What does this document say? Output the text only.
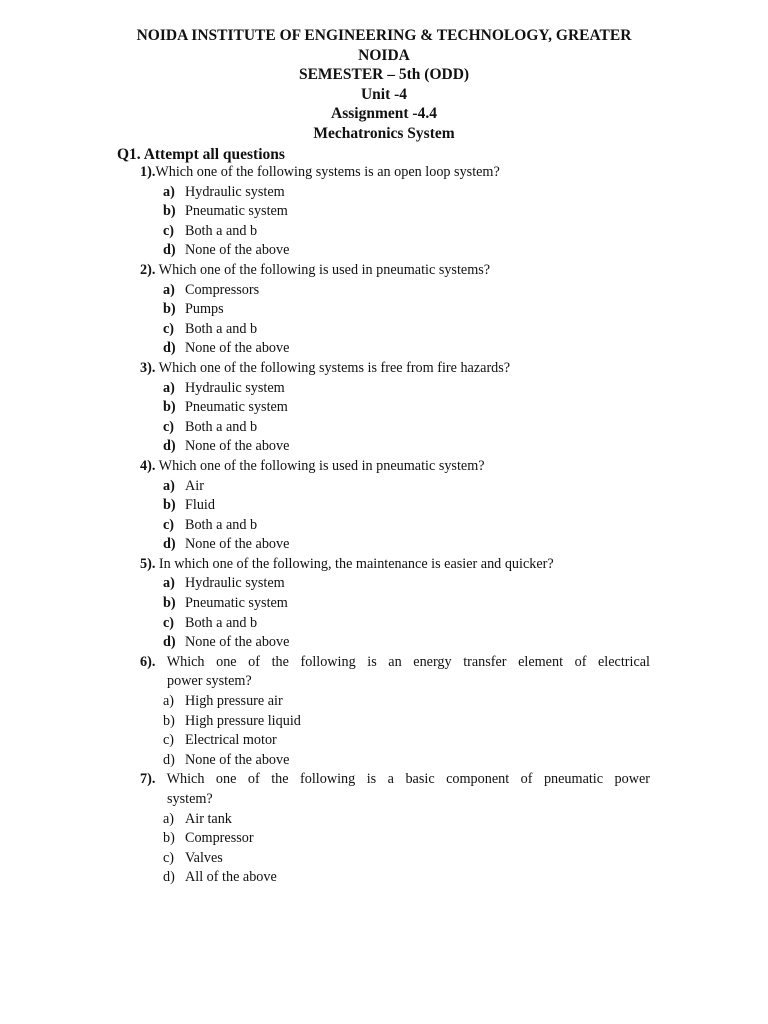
NOIDA INSTITUTE OF ENGINEERING & TECHNOLOGY, GREATER
NOIDA
SEMESTER – 5th (ODD)
Unit -4
Assignment -4.4
Mechatronics System
Q1. Attempt all questions
1).Which one of the following systems is an open loop system?
a) Hydraulic system
b) Pneumatic system
c) Both a and b
d) None of the above
2). Which one of the following is used in pneumatic systems?
a) Compressors
b) Pumps
c) Both a and b
d) None of the above
3). Which one of the following systems is free from fire hazards?
a) Hydraulic system
b) Pneumatic system
c) Both a and b
d) None of the above
4). Which one of the following is used in pneumatic system?
a) Air
b) Fluid
c) Both a and b
d) None of the above
5). In which one of the following, the maintenance is easier and quicker?
a) Hydraulic system
b) Pneumatic system
c) Both a and b
d) None of the above
6). Which one of the following is an energy transfer element of electrical
power system?
a) High pressure air
b) High pressure liquid
c) Electrical motor
d) None of the above
7). Which one of the following is a basic component of pneumatic power
system?
a) Air tank
b) Compressor
c) Valves
d) All of the above
